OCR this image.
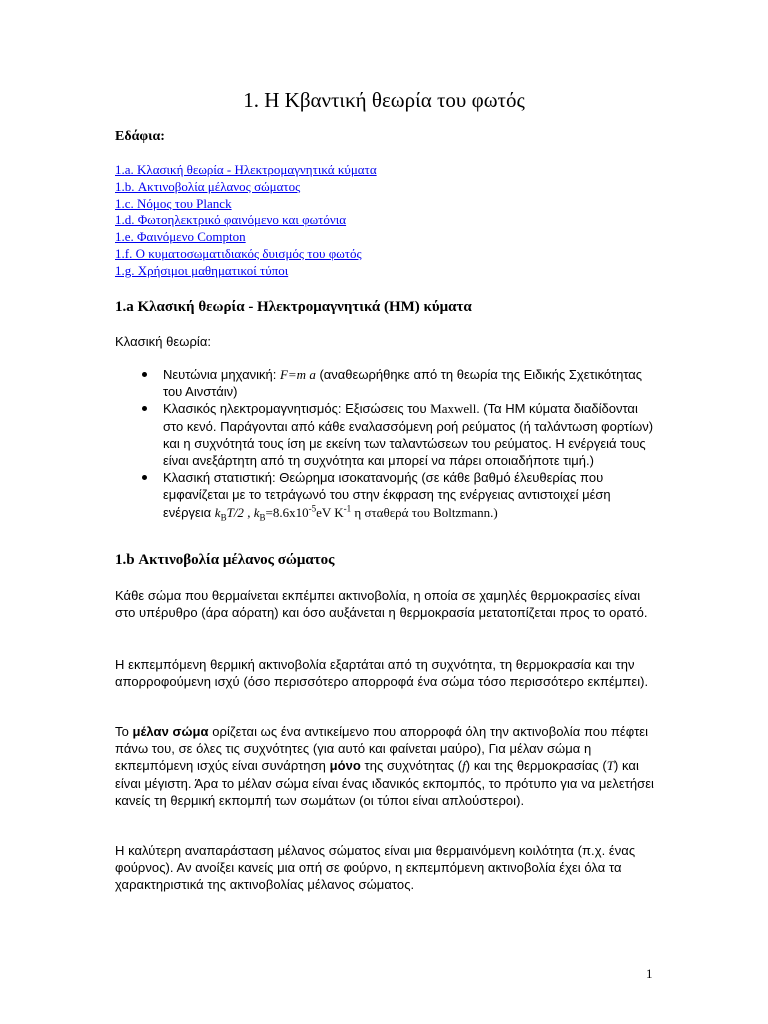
1. Η Κβαντική θεωρία του φωτός
Εδάφια:
1.a. Κλασική θεωρία - Ηλεκτρομαγνητικά κύματα
1.b. Ακτινοβολία μέλανος σώματος
1.c. Νόμος του Planck
1.d. Φωτοηλεκτρικό φαινόμενο και φωτόνια
1.e. Φαινόμενο Compton
1.f. Ο κυματοσωματιδιακός δυισμός του φωτός
1.g. Χρήσιμοι μαθηματικοί τύποι
1.a Κλασική θεωρία - Ηλεκτρομαγνητικά (ΗΜ) κύματα

Κλασική θεωρία:

Νευτώνια μηχανική: F=m a (αναθεωρήθηκε από τη θεωρία της Ειδικής Σχετικότητας του Αινστάιν)
Κλασικός ηλεκτρομαγνητισμός: Εξισώσεις του Maxwell. (Τα ΗΜ κύματα διαδίδονται στο κενό. Παράγονται από κάθε εναλασσόμενη ροή ρεύματος (ή ταλάντωση φορτίων) και η συχνότητά τους ίση με εκείνη των ταλαντώσεων του ρεύματος. Η ενέργειά τους είναι ανεξάρτητη από τη συχνότητα και μπορεί να πάρει οποιαδήποτε τιμή.)
Κλασική στατιστική: Θεώρημα ισοκατανομής (σε κάθε βαθμό έλευθερίας που εμφανίζεται με το τετράγωνό του στην έκφραση της ενέργειας αντιστοιχεί μέση ενέργεια $k_BT/2$ , $k_B=8.6x10^{-5}eV$ $K^{-1}$ η σταθερά του Boltzmann.)
1.b Ακτινοβολία μέλανος σώματος

Κάθε σώμα που θερμαίνεται εκπέμπει ακτινοβολία, η οποία σε χαμηλές θερμοκρασίες είναι στο υπέρυθρο (άρα αόρατη) και όσο αυξάνεται η θερμοκρασία μετατοπίζεται προς το ορατό.

Η εκπεμπόμενη θερμική ακτινοβολία εξαρτάται από τη συχνότητα, τη θερμοκρασία και την απορροφούμενη ισχύ (όσο περισσότερο απορροφά ένα σώμα τόσο περισσότερο εκπέμπει).

Το μέλαν σώμα ορίζεται ως ένα αντικείμενο που απορροφά όλη την ακτινοβολία που πέφτει πάνω του, σε όλες τις συχνότητες (για αυτό και φαίνεται μαύρο), Για μέλαν σώμα η εκπεμπόμενη ισχύς είναι συνάρτηση μόνο της συχνότητας (f) και της θερμοκρασίας (T) και είναι μέγιστη. Άρα το μέλαν σώμα είναι ένας ιδανικός εκπομπός, το πρότυπο για να μελετήσει κανείς τη θερμική εκπομπή των σωμάτων (οι τύποι είναι απλούστεροι).

Η καλύτερη αναπαράσταση μέλανος σώματος είναι μια θερμαινόμενη κοιλότητα (π.χ. ένας φούρνος). Αν ανοίξει κανείς μια οπή σε φούρνο, η εκπεμπόμενη ακτινοβολία έχει όλα τα χαρακτηριστικά της ακτινοβολίας μέλανος σώματος.

1
